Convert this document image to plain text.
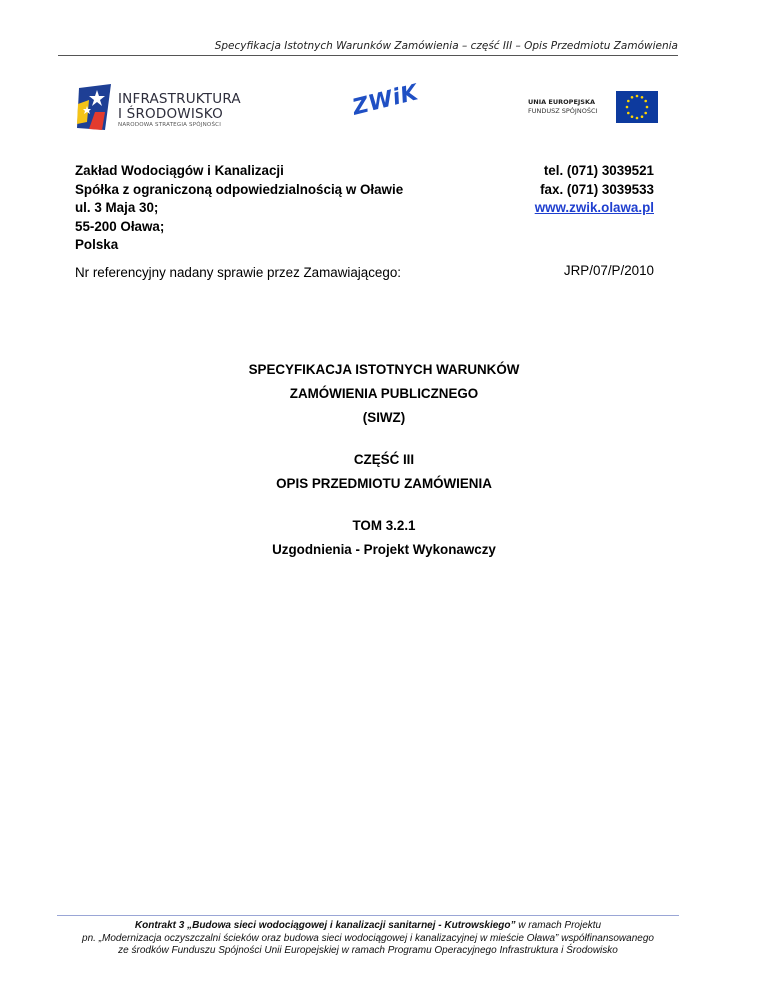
Specyfikacja Istotnych Warunków Zamówienia – część III – Opis Przedmiotu Zamówienia
INFRASTRUKTURA
I ŚRODOWISKO
NARODOWA STRATEGIA SPÓJNOŚCI
ZWiK	UNIA EUROPEJSKA
FUNDUSZ SPÓJNOŚCI
Zakład Wodociągów i Kanalizacji
Spółka z ograniczoną odpowiedzialnością w Oławie
ul. 3 Maja 30;
55-200 Oława;
Polska
tel. (071) 3039521
fax. (071) 3039533
www.zwik.olawa.pl
Nr referencyjny nadany sprawie przez Zamawiającego:	JRP/07/P/2010
SPECYFIKACJA ISTOTNYCH WARUNKÓW
ZAMÓWIENIA PUBLICZNEGO
(SIWZ)
CZĘŚĆ III
OPIS PRZEDMIOTU ZAMÓWIENIA
TOM 3.2.1
Uzgodnienia - Projekt Wykonawczy
Kontrakt 3 „Budowa sieci wodociągowej i kanalizacji sanitarnej - Kutrowskiego” w ramach Projektu
pn. „Modernizacja oczyszczalni ścieków oraz budowa sieci wodociągowej i kanalizacyjnej w mieście Oława” współfinansowanego
ze środków Funduszu Spójności Unii Europejskiej w ramach Programu Operacyjnego Infrastruktura i Środowisko
